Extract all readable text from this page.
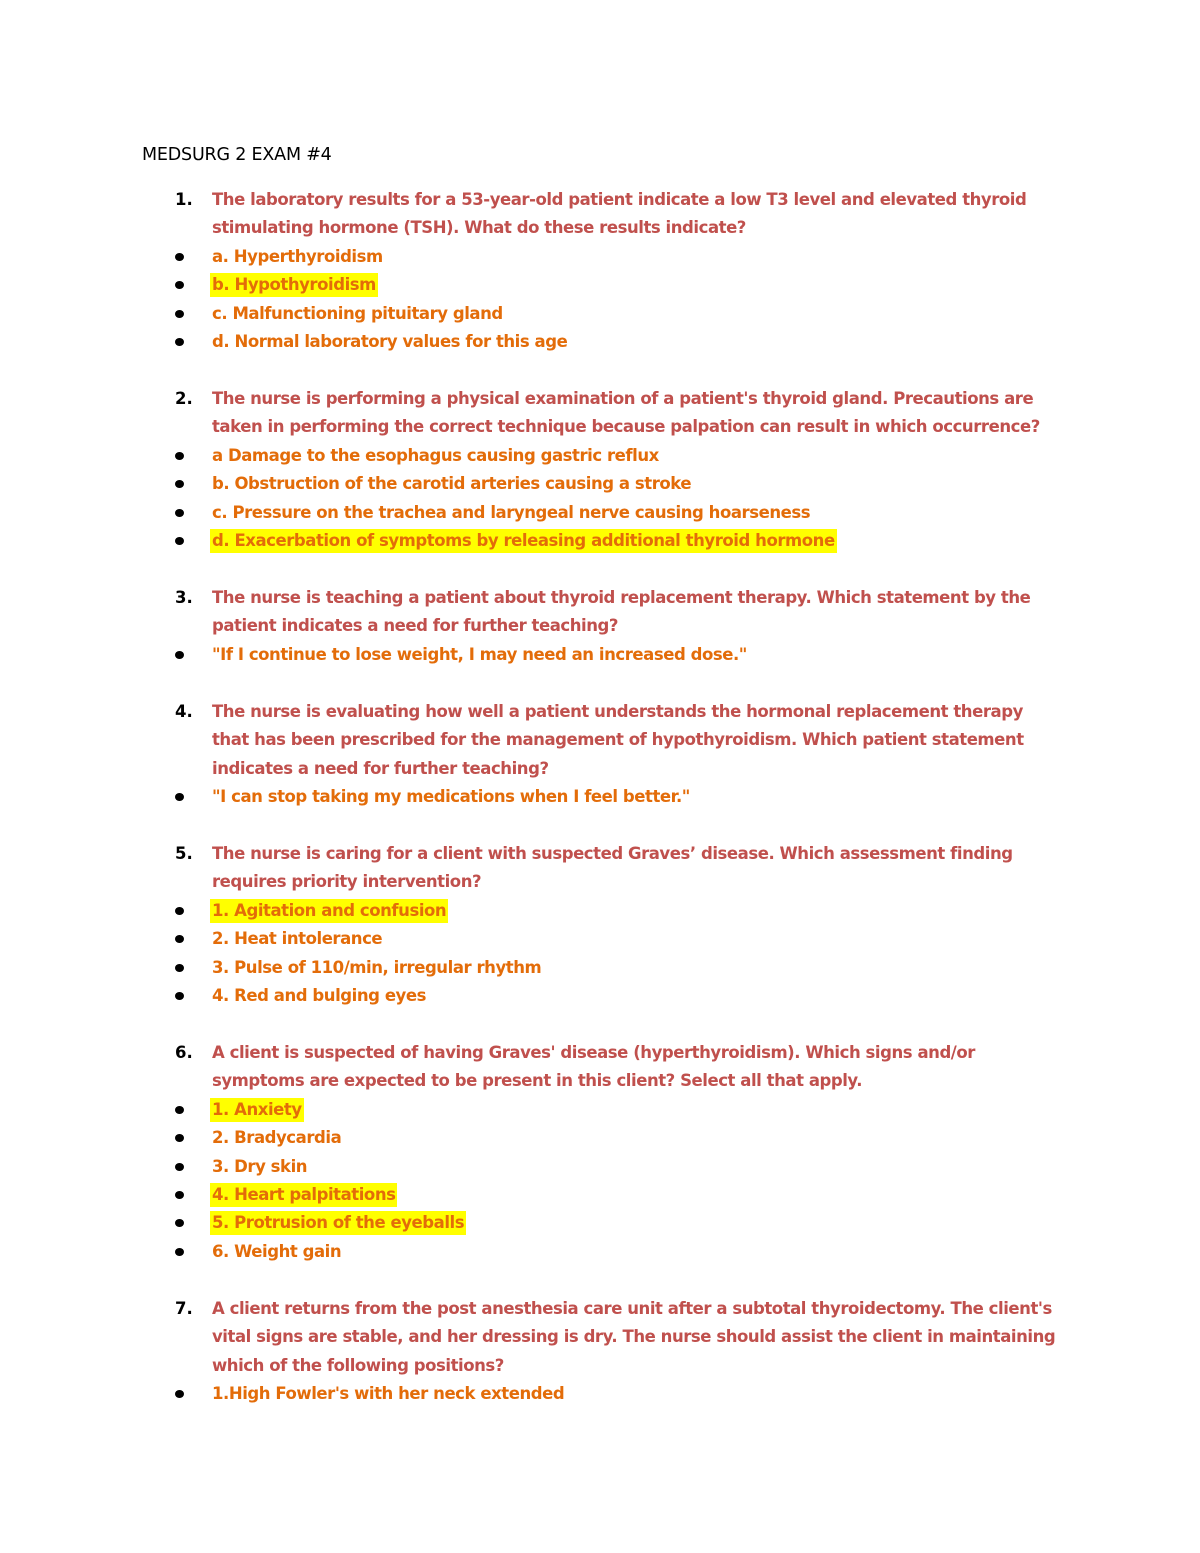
MEDSURG 2 EXAM #4
1. The laboratory results for a 53-year-old patient indicate a low T3 level and elevated thyroid
stimulating hormone (TSH). What do these results indicate?
a. Hyperthyroidism
b. Hypothyroidism
c. Malfunctioning pituitary gland
d. Normal laboratory values for this age
2. The nurse is performing a physical examination of a patient's thyroid gland. Precautions are
taken in performing the correct technique because palpation can result in which occurrence?
a Damage to the esophagus causing gastric reflux
b. Obstruction of the carotid arteries causing a stroke
c. Pressure on the trachea and laryngeal nerve causing hoarseness
d. Exacerbation of symptoms by releasing additional thyroid hormone
3. The nurse is teaching a patient about thyroid replacement therapy. Which statement by the
patient indicates a need for further teaching?
"If I continue to lose weight, I may need an increased dose."
4. The nurse is evaluating how well a patient understands the hormonal replacement therapy
that has been prescribed for the management of hypothyroidism. Which patient statement
indicates a need for further teaching?
"I can stop taking my medications when I feel better."
5. The nurse is caring for a client with suspected Graves’ disease. Which assessment finding
requires priority intervention?
1. Agitation and confusion
2. Heat intolerance
3. Pulse of 110/min, irregular rhythm
4. Red and bulging eyes
6. A client is suspected of having Graves' disease (hyperthyroidism). Which signs and/or
symptoms are expected to be present in this client? Select all that apply.
1. Anxiety
2. Bradycardia
3. Dry skin
4. Heart palpitations
5. Protrusion of the eyeballs
6. Weight gain
7. A client returns from the post anesthesia care unit after a subtotal thyroidectomy. The client's
vital signs are stable, and her dressing is dry. The nurse should assist the client in maintaining
which of the following positions?
1.High Fowler's with her neck extended
